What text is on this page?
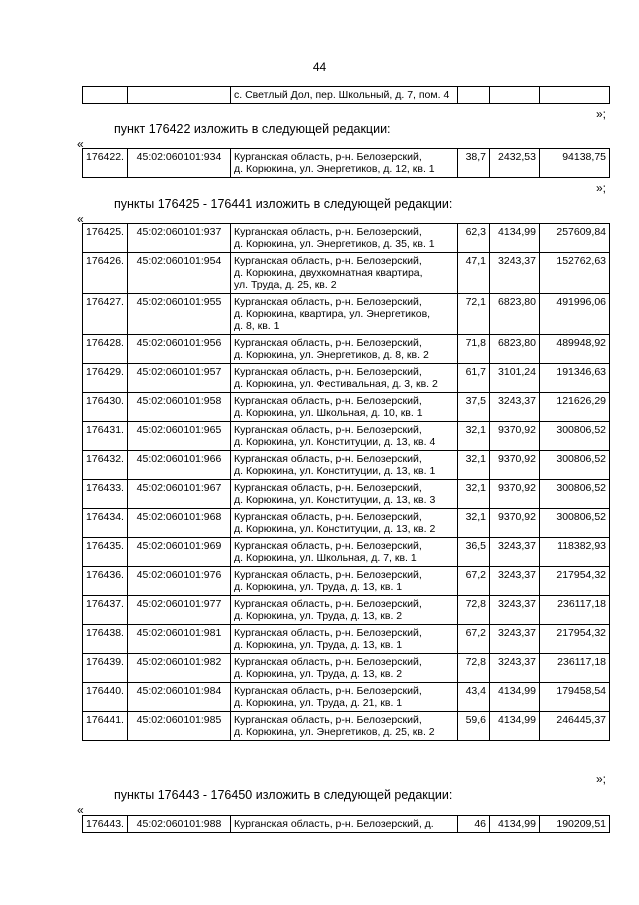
44

с. Светлый Дол, пер. Школьный, д. 7, пом. 4

»;
пункт 176422 изложить в следующей редакции:
«
176422.	45:02:060101:934	Курганская область, р-н. Белозерский,
д. Корюкина, ул. Энергетиков, д. 12, кв. 1
	38,7	2432,53	94138,75
»;
пункты 176425 - 176441 изложить в следующей редакции:
«
176425.	45:02:060101:937	Курганская область, р-н. Белозерский,
д. Корюкина, ул. Энергетиков, д. 35, кв. 1	62,3	4134,99	257609,84
176426.	45:02:060101:954	Курганская область, р-н. Белозерский,
д. Корюкина, двухкомнатная квартира,
ул. Труда, д. 25, кв. 2	47,1	3243,37	152762,63
176427.	45:02:060101:955	Курганская область, р-н. Белозерский,
д. Корюкина, квартира, ул. Энергетиков,
д. 8, кв. 1	72,1	6823,80	491996,06
176428.	45:02:060101:956	Курганская область, р-н. Белозерский,
д. Корюкина, ул. Энергетиков, д. 8, кв. 2	71,8	6823,80	489948,92
176429.	45:02:060101:957	Курганская область, р-н. Белозерский,
д. Корюкина, ул. Фестивальная, д. 3, кв. 2	61,7	3101,24	191346,63
176430.	45:02:060101:958	Курганская область, р-н. Белозерский,
д. Корюкина, ул. Школьная, д. 10, кв. 1	37,5	3243,37	121626,29
176431.	45:02:060101:965	Курганская область, р-н. Белозерский,
д. Корюкина, ул. Конституции, д. 13, кв. 4	32,1	9370,92	300806,52
176432.	45:02:060101:966	Курганская область, р-н. Белозерский,
д. Корюкина, ул. Конституции, д. 13, кв. 1	32,1	9370,92	300806,52
176433.	45:02:060101:967	Курганская область, р-н. Белозерский,
д. Корюкина, ул. Конституции, д. 13, кв. 3	32,1	9370,92	300806,52
176434.	45:02:060101:968	Курганская область, р-н. Белозерский,
д. Корюкина, ул. Конституции, д. 13, кв. 2	32,1	9370,92	300806,52
176435.	45:02:060101:969	Курганская область, р-н. Белозерский,
д. Корюкина, ул. Школьная, д. 7, кв. 1	36,5	3243,37	118382,93
176436.	45:02:060101:976	Курганская область, р-н. Белозерский,
д. Корюкина, ул. Труда, д. 13, кв. 1	67,2	3243,37	217954,32
176437.	45:02:060101:977	Курганская область, р-н. Белозерский,
д. Корюкина, ул. Труда, д. 13, кв. 2	72,8	3243,37	236117,18
176438.	45:02:060101:981	Курганская область, р-н. Белозерский,
д. Корюкина, ул. Труда, д. 13, кв. 1	67,2	3243,37	217954,32
176439.	45:02:060101:982	Курганская область, р-н. Белозерский,
д. Корюкина, ул. Труда, д. 13, кв. 2	72,8	3243,37	236117,18
176440.	45:02:060101:984	Курганская область, р-н. Белозерский,
д. Корюкина, ул. Труда, д. 21, кв. 1	43,4	4134,99	179458,54
176441.	45:02:060101:985	Курганская область, р-н. Белозерский,
д. Корюкина, ул. Энергетиков, д. 25, кв. 2	59,6	4134,99	246445,37
»;
пункты 176443 - 176450 изложить в следующей редакции:
«
176443.	45:02:060101:988	Курганская область, р-н. Белозерский, д.	46	4134,99	190209,51
